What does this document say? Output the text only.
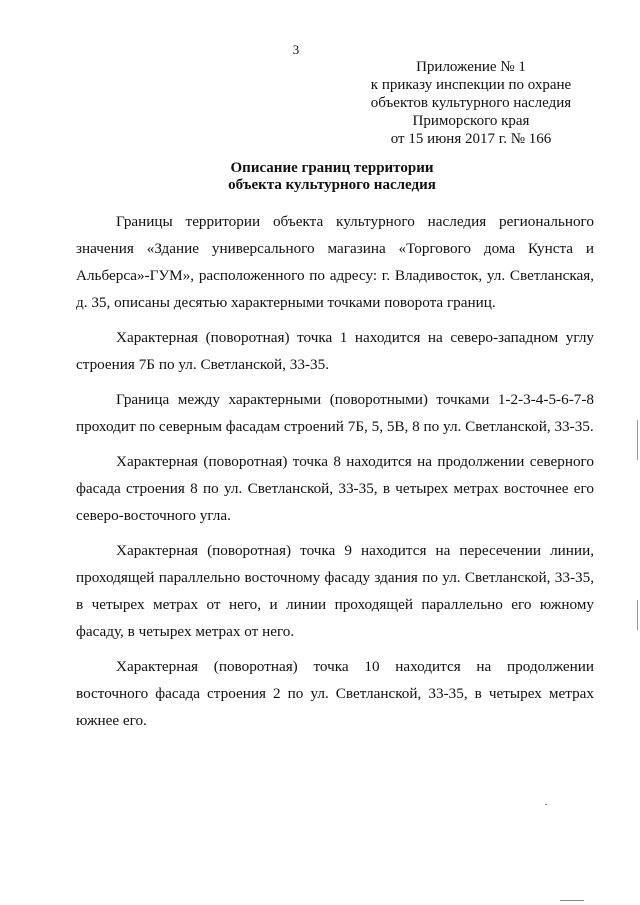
3
Приложение № 1
к приказу инспекции по охране
объектов культурного наследия
Приморского края
от 15 июня 2017 г. № 166
Описание границ территории
объекта культурного наследия

Границы территории объекта культурного наследия регионального значения «Здание универсального магазина «Торгового дома Кунста и Альберса»-ГУМ», расположенного по адресу: г. Владивосток, ул. Светланская, д. 35, описаны десятью характерными точками поворота границ.

Характерная (поворотная) точка 1 находится на северо-западном углу строения 7Б по ул. Светланской, 33-35.

Граница между характерными (поворотными) точками 1-2-3-4-5-6-7-8 проходит по северным фасадам строений 7Б, 5, 5В, 8 по ул. Светланской, 33-35.

Характерная (поворотная) точка 8 находится на продолжении северного фасада строения 8 по ул. Светланской, 33-35, в четырех метрах восточнее его северо-восточного угла.

Характерная (поворотная) точка 9 находится на пересечении линии, проходящей параллельно восточному фасаду здания по ул. Светланской, 33-35, в четырех метрах от него, и линии проходящей параллельно его южному фасаду, в четырех метрах от него.

Характерная (поворотная) точка 10 находится на продолжении восточного фасада строения 2 по ул. Светланской, 33-35, в четырех метрах южнее его.
